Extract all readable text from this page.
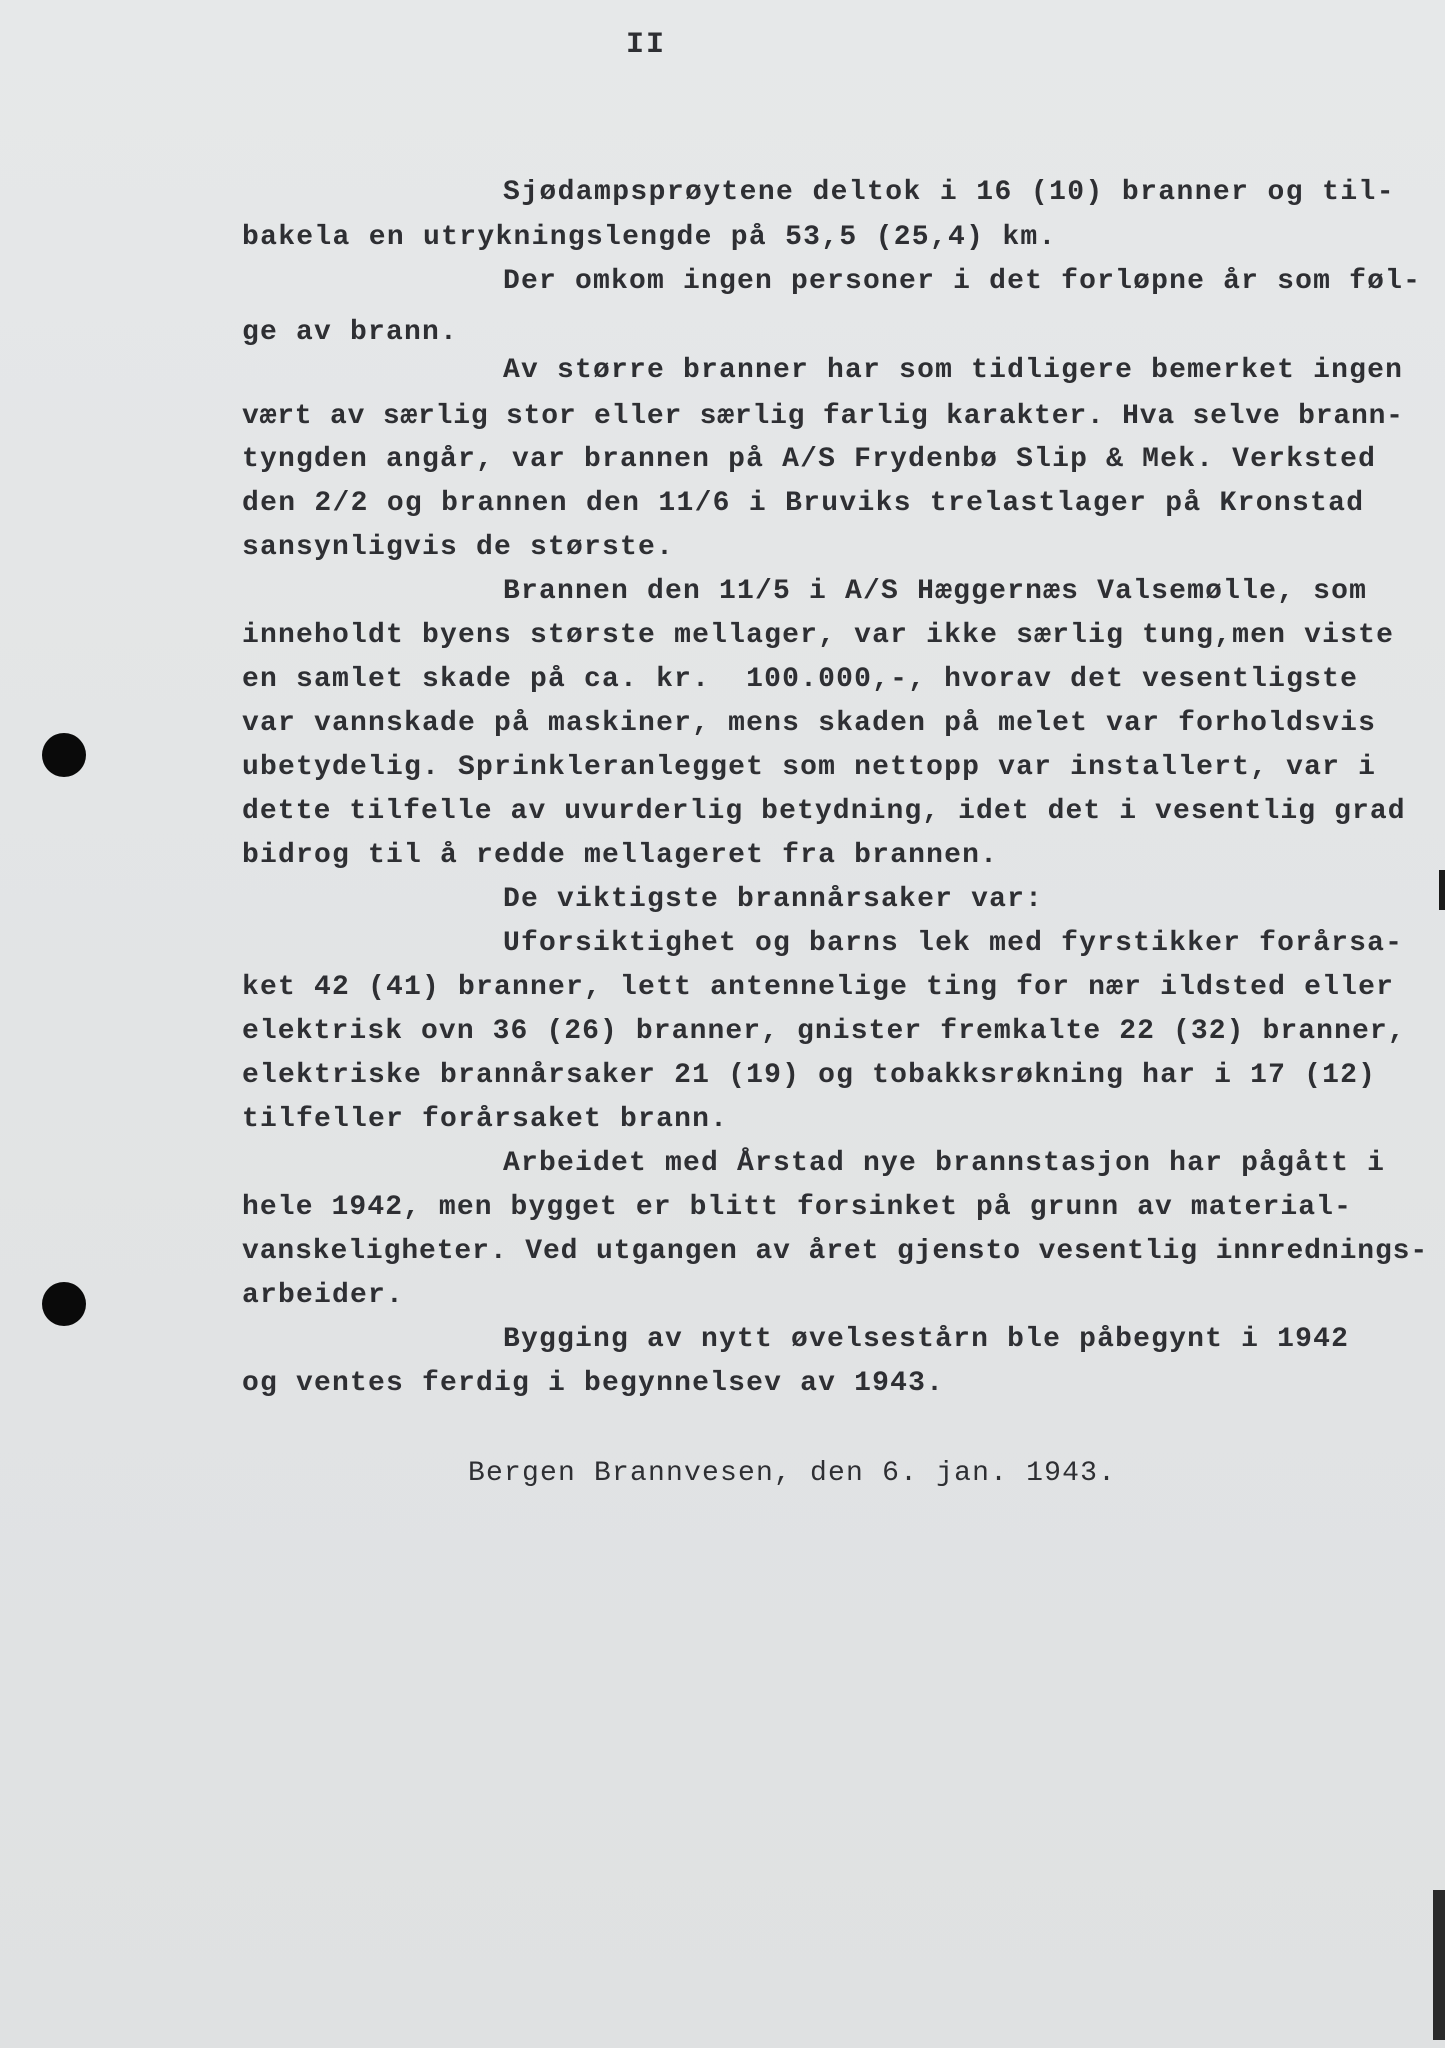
II
Sjødampsprøytene deltok i 16 (10) branner og til-
bakela en utrykningslengde på 53,5 (25,4) km.
Der omkom ingen personer i det forløpne år som føl-
ge av brann.
Av større branner har som tidligere bemerket ingen
vært av særlig stor eller særlig farlig karakter. Hva selve brann-
tyngden angår, var brannen på A/S Frydenbø Slip & Mek. Verksted
den 2/2 og brannen den 11/6 i Bruviks trelastlager på Kronstad
sansynligvis de største.
Brannen den 11/5 i A/S Hæggernæs Valsemølle, som
inneholdt byens største mellager, var ikke særlig tung,men viste
en samlet skade på ca. kr.  100.000,-, hvorav det vesentligste
var vannskade på maskiner, mens skaden på melet var forholdsvis
ubetydelig. Sprinkleranlegget som nettopp var installert, var i
dette tilfelle av uvurderlig betydning, idet det i vesentlig grad
bidrog til å redde mellageret fra brannen.
De viktigste brannårsaker var:
Uforsiktighet og barns lek med fyrstikker forårsa-
ket 42 (41) branner, lett antennelige ting for nær ildsted eller
elektrisk ovn 36 (26) branner, gnister fremkalte 22 (32) branner,
elektriske brannårsaker 21 (19) og tobakksrøkning har i 17 (12)
tilfeller forårsaket brann.
Arbeidet med Årstad nye brannstasjon har pågått i
hele 1942, men bygget er blitt forsinket på grunn av material-
vanskeligheter. Ved utgangen av året gjensto vesentlig innrednings-
arbeider.
Bygging av nytt øvelsestårn ble påbegynt i 1942
og ventes ferdig i begynnelsev av 1943.
Bergen Brannvesen, den 6. jan. 1943.
